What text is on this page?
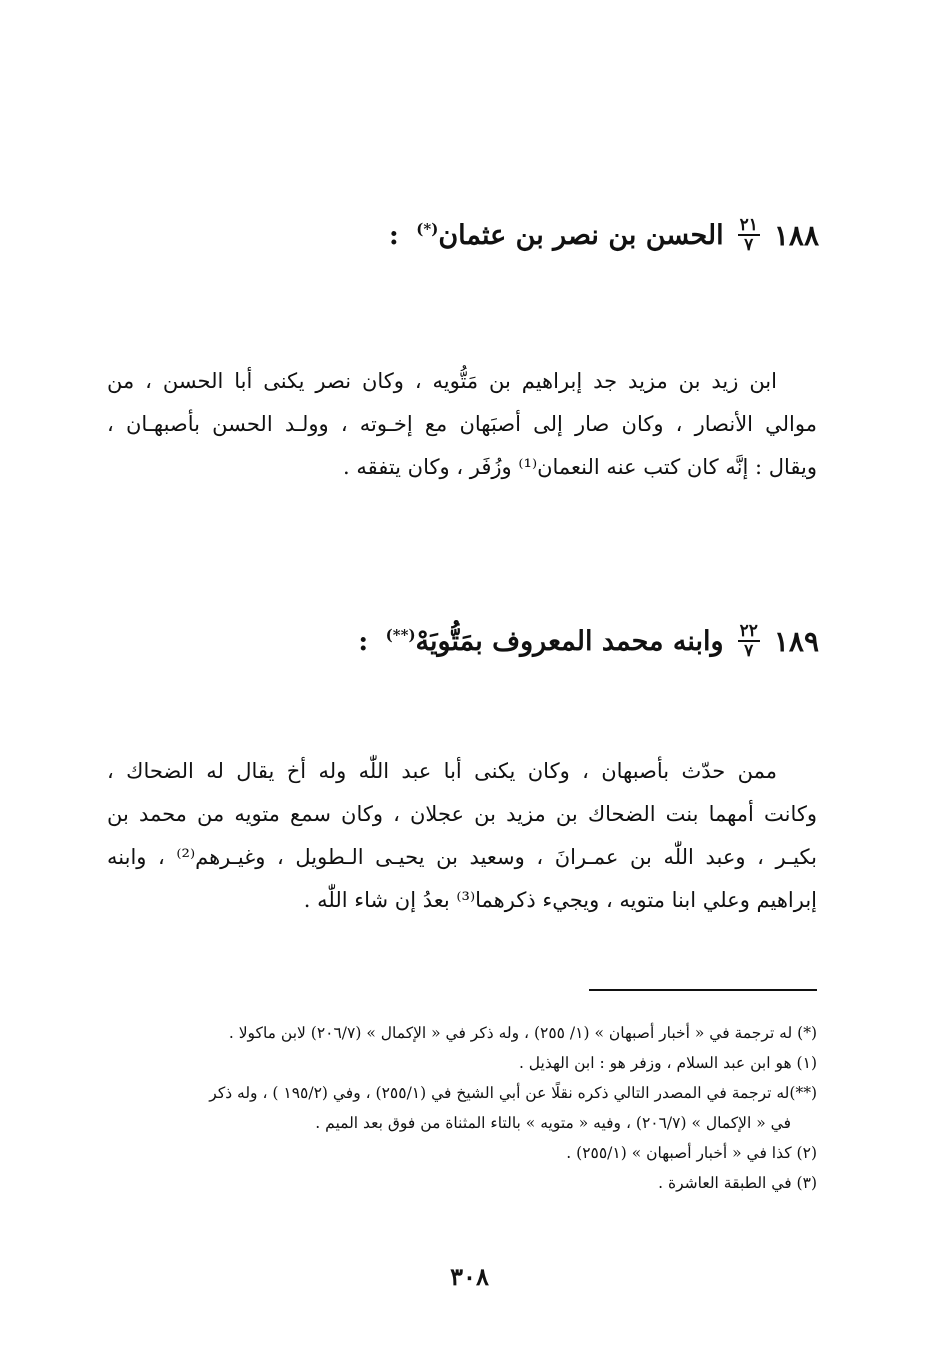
١٨٨
$\frac{٢١}{٧}$
الحسن بن نصر بن عثمان(*) :
ابن زيد بن مزيد جد إبراهيم بن مَتُّويه ، وكان نصر يكنى أبا الحسن ، من
موالي الأنصار ، وكان صار إلى أصبَهان مع إخـوته ، وولـد الحسن بأصبهـان ،
ويقال : إنَّه كان كتب عنه النعمان⁽¹⁾ وزُفَر ، وكان يتفقه .
١٨٩
$\frac{٢٢}{٧}$
وابنه محمد المعروف بمَتُّويَهْ(**) :
ممن حدّث بأصبهان ، وكان يكنى أبا عبد اللّٰه وله أخ يقال له الضحاك ،
وكانت أمهما بنت الضحاك بن مزيد بن عجلان ، وكان سمع متويه من محمد بن
بكيـر ، وعبد اللّٰه بن عمـرانَ ، وسعيد بن يحيـى الـطويل ، وغيـرهم⁽²⁾ ، وابنه
إبراهيم وعلي ابنا متويه ، ويجيء ذكرهما⁽³⁾ بعدُ إن شاء اللّٰه .
(*) له ترجمة في « أخبار أصبهان » (١/ ٢٥٥) ، وله ذكر في « الإكمال » (٢٠٦/٧) لابن ماكولا .
(١) هو ابن عبد السلام ، وزفر هو : ابن الهذيل .
(**)له ترجمة في المصدر التالي ذكره نقلًا عن أبي الشيخ في (٢٥٥/١) ، وفي (١٩٥/٢ ) ، وله ذكر
في « الإكمال » (٢٠٦/٧) ، وفيه « متويه » بالتاء المثناة من فوق بعد الميم .
(٢) كذا في « أخبار أصبهان » (٢٥٥/١) .
(٣) في الطبقة العاشرة .
٣٠٨
